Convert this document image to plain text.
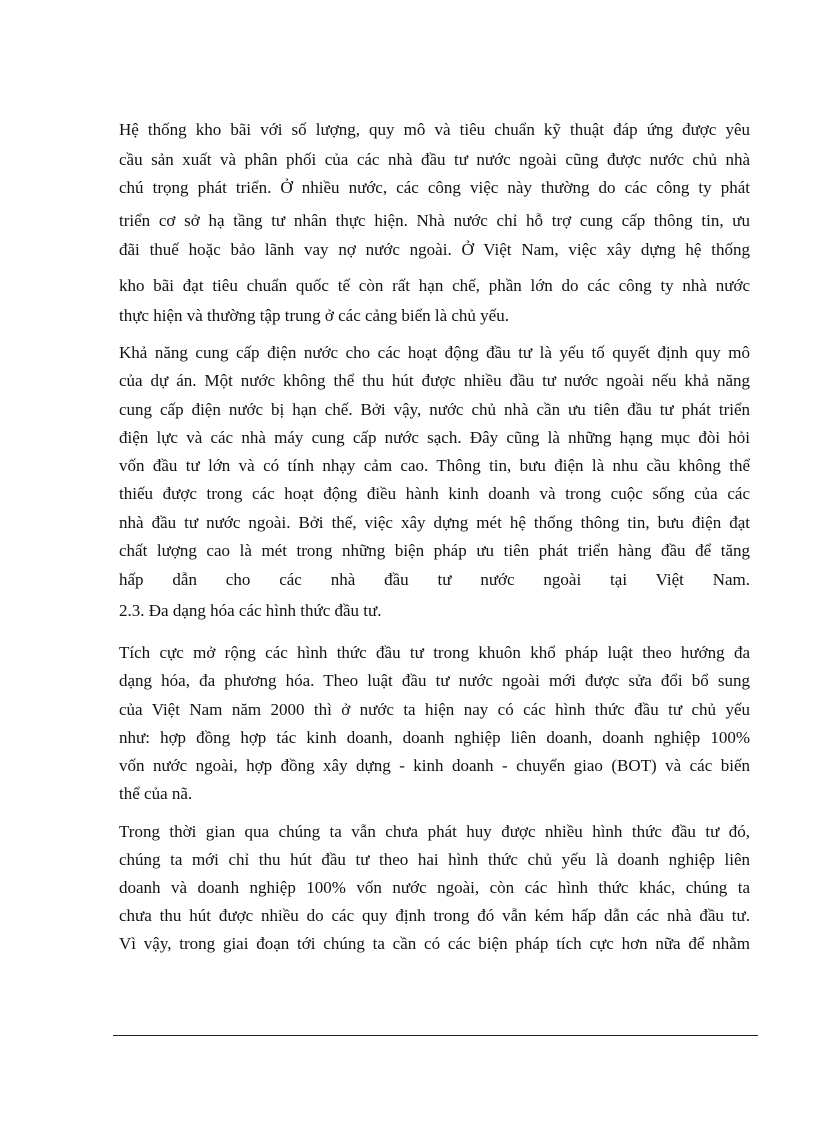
Hệ thống kho bãi với số lượng, quy mô và tiêu chuẩn kỹ thuật đáp ứng được yêu

cầu sản xuất và phân phối của các nhà đầu tư nước ngoài cũng được nước chủ nhà

chú trọng phát triển. Ở nhiều nước, các công việc này thường do các công ty phát

triển cơ sở hạ tầng tư nhân thực hiện. Nhà nước chỉ hỗ trợ cung cấp thông tin, ưu

đãi thuế hoặc bảo lãnh vay nợ nước ngoài. Ở Việt Nam, việc xây dựng hệ thống

kho bãi đạt tiêu chuẩn quốc tế còn rất hạn chế, phần lớn do các công ty nhà nước

thực hiện và thường tập trung ở các cảng biển là chủ yếu.

Khả năng cung cấp điện nước cho các hoạt động đầu tư là yếu tố quyết định quy mô

của dự án. Một nước không thể thu hút được nhiều đầu tư nước ngoài nếu khả năng

cung cấp điện nước bị hạn chế. Bởi vậy, nước chủ nhà cần ưu tiên đầu tư phát triển

điện lực và các nhà máy cung cấp nước sạch. Đây cũng là những hạng mục đòi hỏi

vốn đầu tư lớn và có tính nhạy cảm cao. Thông tin, bưu điện là nhu cầu không thể

thiếu được trong các hoạt động điều hành kinh doanh và trong cuộc sống của các

nhà đầu tư nước ngoài. Bởi thế, việc xây dựng mét hệ thống thông tin, bưu điện đạt

chất lượng cao là mét trong những biện pháp ưu tiên phát triển hàng đầu để tăng

hấp dẫn cho các nhà đầu tư nước ngoài tại Việt Nam.

2.3. Đa dạng hóa các hình thức đầu tư.

Tích cực mở rộng các hình thức đầu tư trong khuôn khổ pháp luật theo hướng đa

dạng hóa, đa phương hóa. Theo luật đầu tư nước ngoài mới được sửa đổi bổ sung

của Việt Nam năm 2000 thì ở nước ta hiện nay có các hình thức đầu tư chủ yếu

như: hợp đồng hợp tác kinh doanh, doanh nghiệp liên doanh, doanh nghiệp 100%

vốn nước ngoài, hợp đồng xây dựng - kinh doanh - chuyển giao (BOT) và các biến

thể của nã.

Trong thời gian qua chúng ta vẫn chưa phát huy được nhiều hình thức đầu tư đó,

chúng ta mới chỉ thu hút đầu tư theo hai hình thức chủ yếu là doanh nghiệp liên

doanh và doanh nghiệp 100% vốn nước ngoài, còn các hình thức khác, chúng ta

chưa thu hút được nhiều do các quy định trong đó vẫn kém hấp dẫn các nhà đầu tư.

Vì vậy, trong giai đoạn tới chúng ta cần có các biện pháp tích cực hơn nữa để nhằm
